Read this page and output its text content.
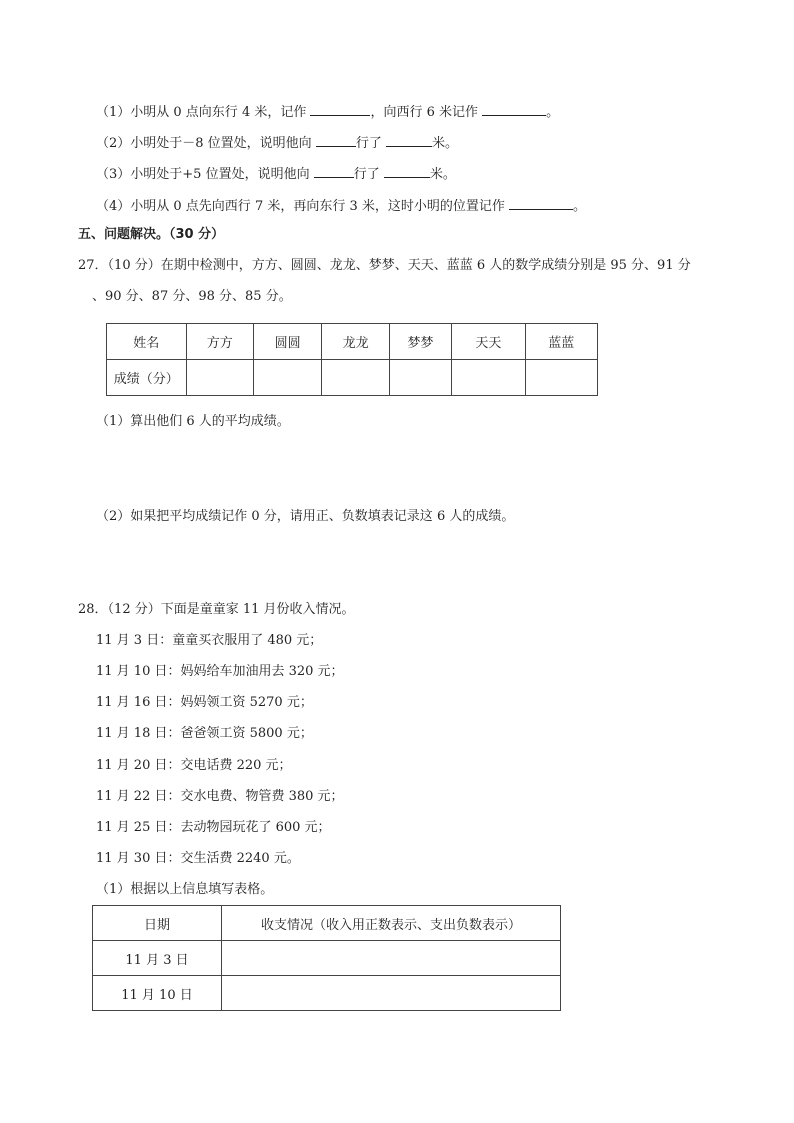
（1）小明从 0 点向东行 4 米，记作	，向西行 6 米记作	。
（2）小明处于－8 位置处，说明他向	行了	米。
（3）小明处于+5 位置处，说明他向	行了	米。
（4）小明从 0 点先向西行 7 米，再向东行 3 米，这时小明的位置记作	。
五、问题解决。（30 分）
27．（10 分）在期中检测中，方方、圆圆、龙龙、梦梦、天天、蓝蓝 6 人的数学成绩分别是 95 分、91 分
、90 分、87 分、98 分、85 分。
姓名	方方	圆圆	龙龙	梦梦	天天	蓝蓝
成绩（分）						
（1）算出他们 6 人的平均成绩。
（2）如果把平均成绩记作 0 分，请用正、负数填表记录这 6 人的成绩。
28．（12 分）下面是童童家 11 月份收入情况。
11 月 3 日：童童买衣服用了 480 元；
11 月 10 日：妈妈给车加油用去 320 元；
11 月 16 日：妈妈领工资 5270 元；
11 月 18 日：爸爸领工资 5800 元；
11 月 20 日：交电话费 220 元；
11 月 22 日：交水电费、物管费 380 元；
11 月 25 日：去动物园玩花了 600 元；
11 月 30 日：交生活费 2240 元。
（1）根据以上信息填写表格。
日期	收支情况（收入用正数表示、支出负数表示）
11 月 3 日	
11 月 10 日	
